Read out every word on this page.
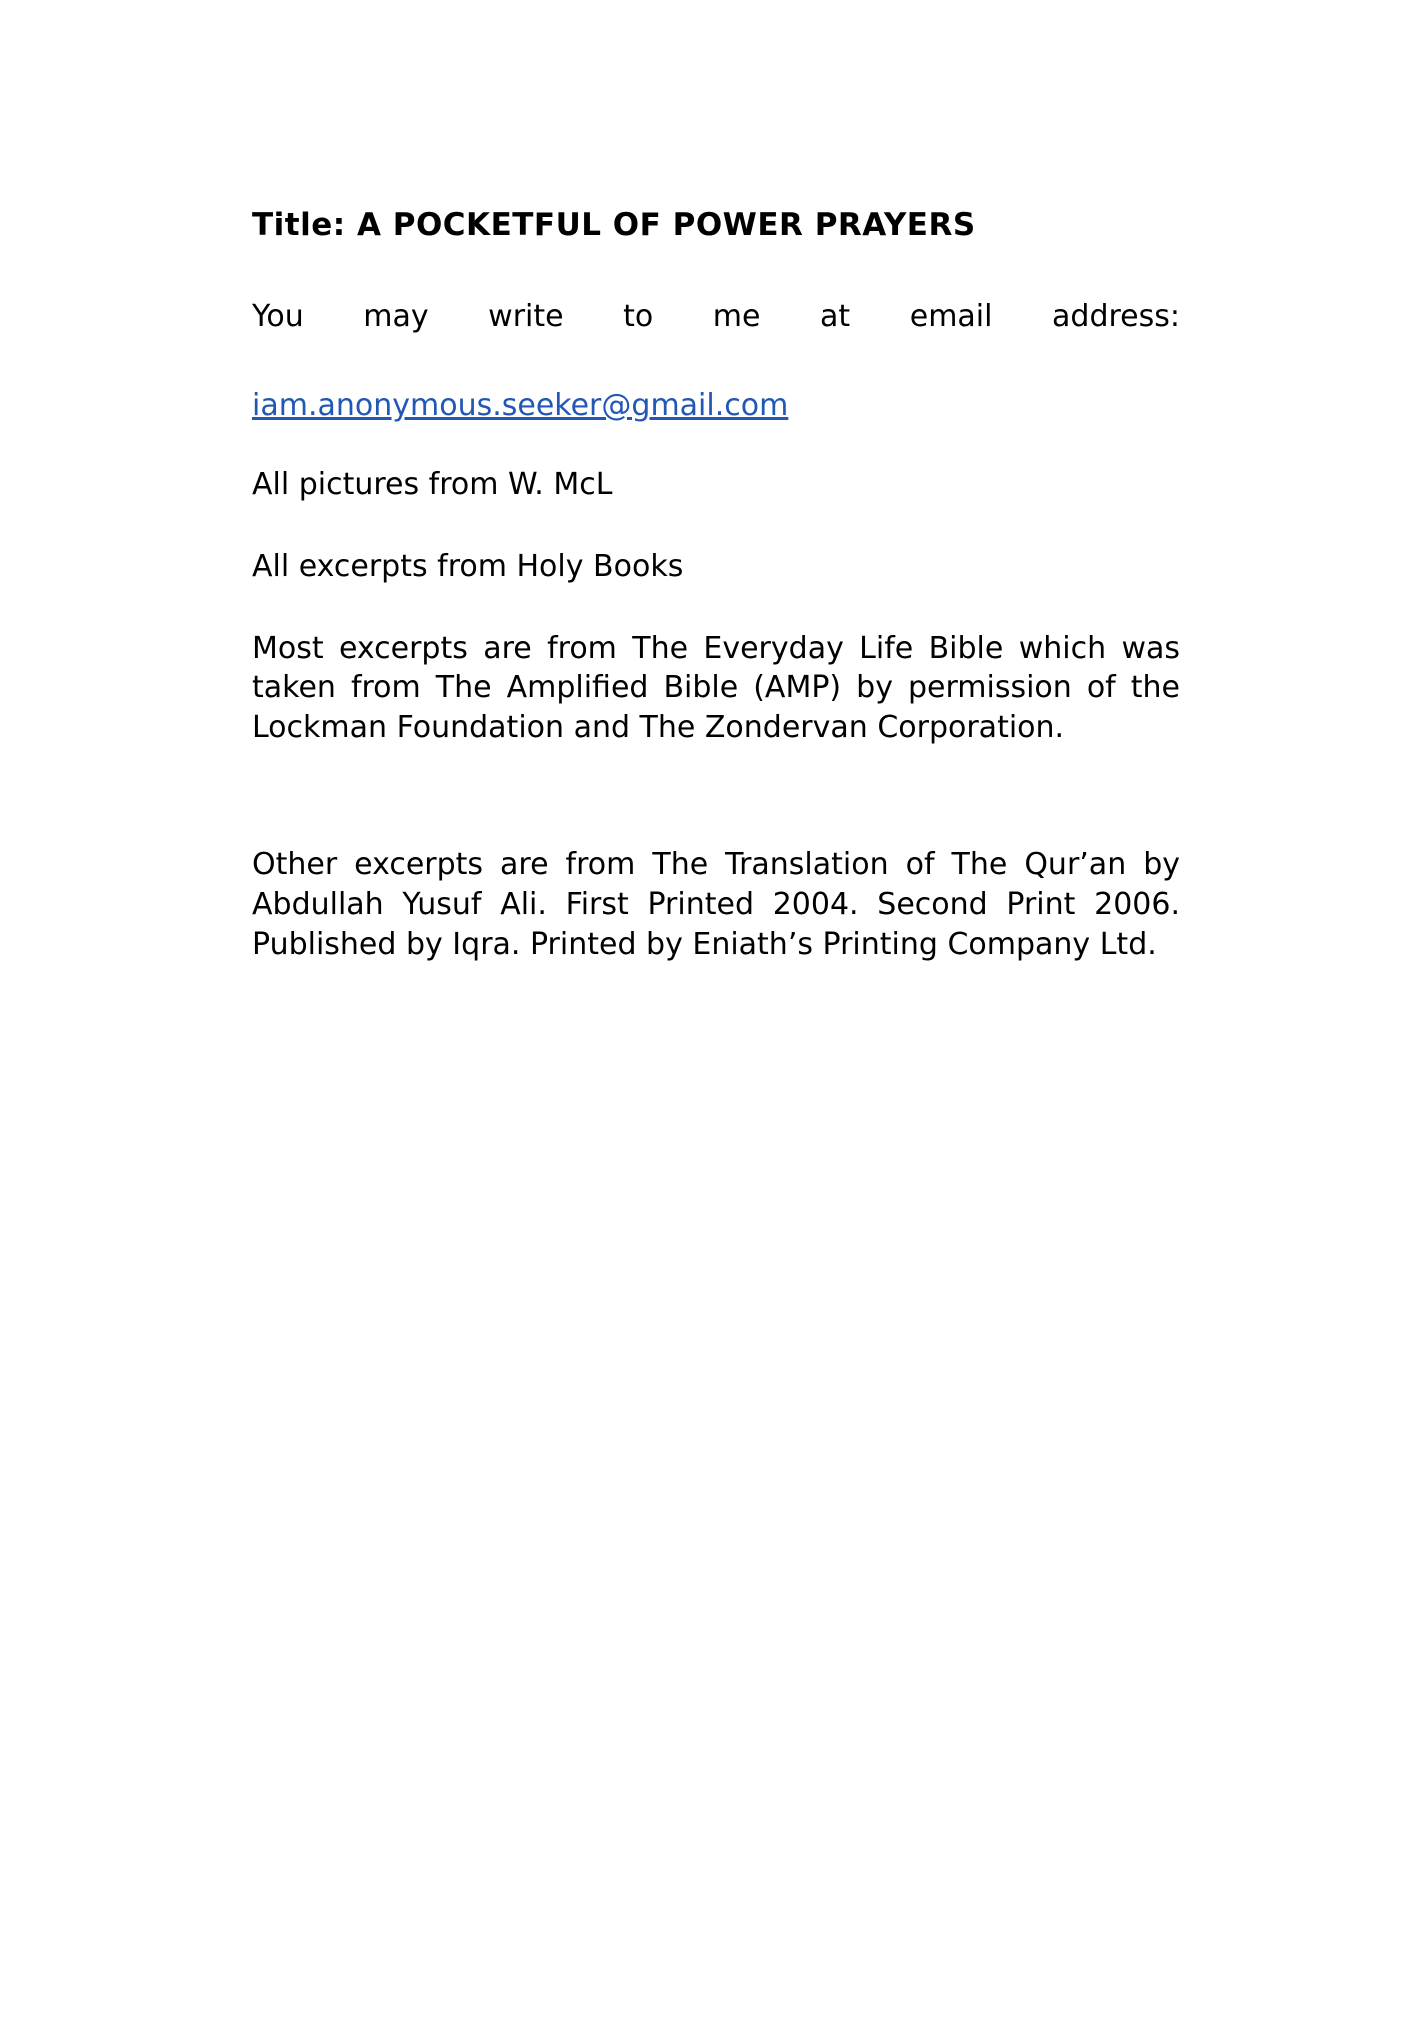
Title: A POCKETFUL OF POWER PRAYERS

You may write to me at email address:

iam.anonymous.seeker@gmail.com

All pictures from W. McL

All excerpts from Holy Books

Most excerpts are from The Everyday Life Bible which was taken from The Amplified Bible (AMP) by permission of the Lockman Foundation and The Zondervan Corporation.

Other excerpts are from The Translation of The Qur’an by Abdullah Yusuf Ali. First Printed 2004. Second Print 2006. Published by Iqra. Printed by Eniath’s Printing Company Ltd.
